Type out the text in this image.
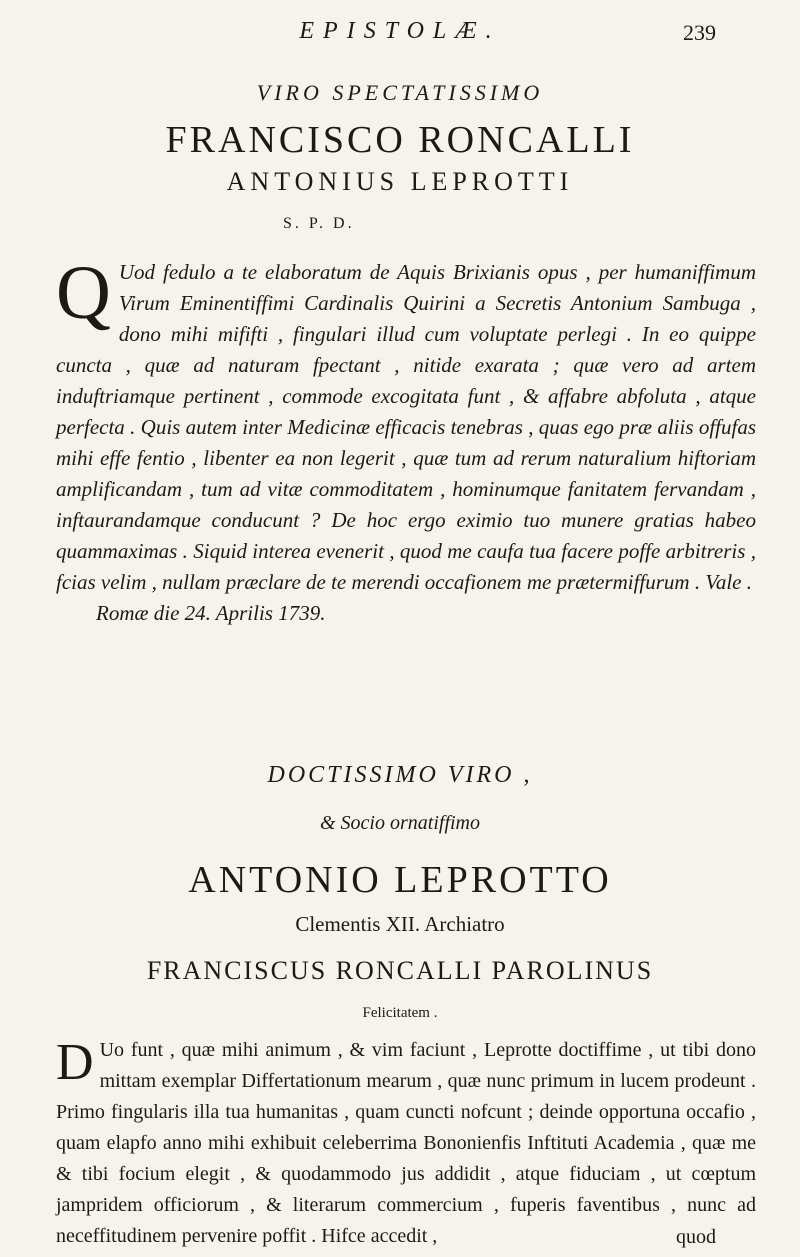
EPISTOLÆ.	239
VIRO SPECTATISSIMO
FRANCISCO RONCALLI
ANTONIUS LEPROTTI
S. P. D.
Q Uod fedulo a te elaboratum de Aquis Brixianis opus , per humaniffimum Virum Eminentiffimi Cardinalis Quirini a Secretis Antonium Sambuga , dono mihi mififti , fingulari illud cum voluptate perlegi . In eo quippe cuncta , quæ ad naturam fpectant , nitide exarata ; quæ vero ad artem induftriamque pertinent , commode excogitata funt , & affabre abfoluta , atque perfecta . Quis autem inter Medicinæ efficacis tenebras , quas ego præ aliis offufas mihi effe fentio , libenter ea non legerit , quæ tum ad rerum naturalium hiftoriam amplificandam , tum ad vitæ commoditatem , hominumque fanitatem fervandam , inftaurandamque conducunt ? De hoc ergo eximio tuo munere gratias habeo quammaximas . Siquid interea evenerit , quod me caufa tua facere poffe arbitreris , fcias velim , nullam præclare de te merendi occafionem me prætermiffurum . Vale .
Romæ die 24. Aprilis 1739.
DOCTISSIMO VIRO ,
& Socio ornatiffimo
ANTONIO LEPROTTO
Clementis XII. Archiatro
FRANCISCUS RONCALLI PAROLINUS
Felicitatem .
D Uo funt , quæ mihi animum , & vim faciunt , Leprotte doctiffime , ut tibi dono mittam exemplar Differtationum mearum , quæ nunc primum in lucem prodeunt . Primo fingularis illa tua humanitas , quam cuncti nofcunt ; deinde opportuna occafio , quam elapfo anno mihi exhibuit celeberrima Bononienfis Inftituti Academia , quæ me & tibi focium elegit , & quodammodo jus addidit , atque fiduciam , ut cœptum jampridem officiorum , & literarum commercium , fuperis faventibus , nunc ad neceffitudinem pervenire poffit . Hifce accedit ,	quod
